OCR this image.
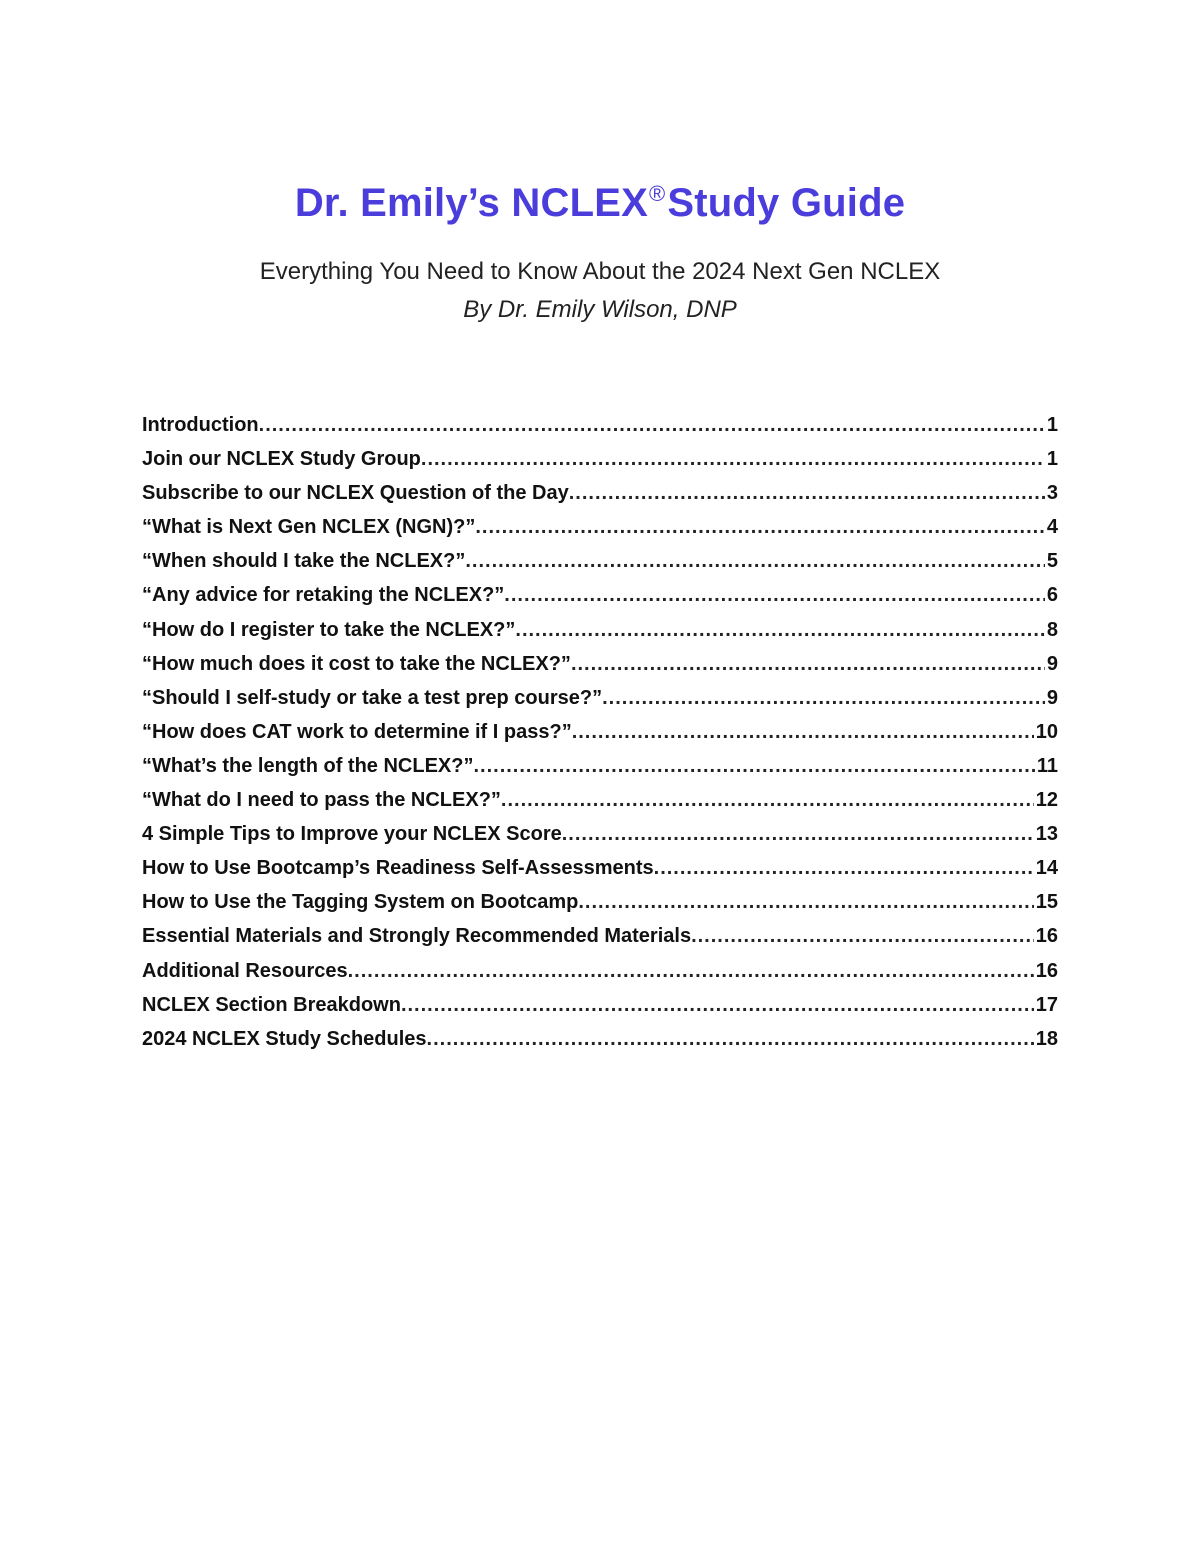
Dr. Emily’s NCLEX®Study Guide

Everything You Need to Know About the 2024 Next Gen NCLEX

By Dr. Emily Wilson, DNP

Introduction .....	1
Join our NCLEX Study Group .....	1
Subscribe to our NCLEX Question of the Day .....	3
“What is Next Gen NCLEX (NGN)?” .....	4
“When should I take the NCLEX?” .....	5
“Any advice for retaking the NCLEX?” .....	6
“How do I register to take the NCLEX?” .....	8
“How much does it cost to take the NCLEX?” .....	9
“Should I self-study or take a test prep course?” .....	9
“How does CAT work to determine if I pass?” .....	10
“What’s the length of the NCLEX?” .....	11
“What do I need to pass the NCLEX?” .....	12
4 Simple Tips to Improve your NCLEX Score .....	13
How to Use Bootcamp’s Readiness Self-Assessments .....	14
How to Use the Tagging System on Bootcamp .....	15
Essential Materials and Strongly Recommended Materials .....	16
Additional Resources .....	16
NCLEX Section Breakdown .....	17
2024 NCLEX Study Schedules .....	18
